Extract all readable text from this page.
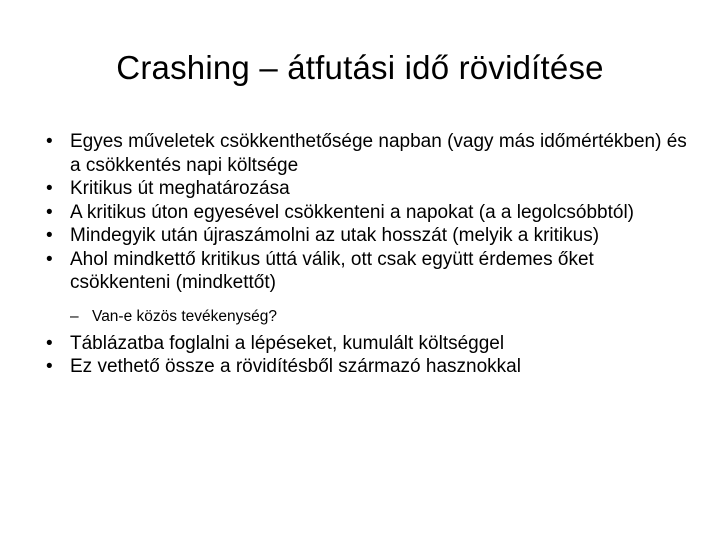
Crashing – átfutási idő rövidítése
• Egyes műveletek csökkenthetősége napban (vagy más időmértékben) és a csökkentés napi költsége
• Kritikus út meghatározása
• A kritikus úton egyesével csökkenteni a napokat (a a legolcsóbbtól)
• Mindegyik után újraszámolni az utak hosszát (melyik a kritikus)
• Ahol mindkettő kritikus úttá válik, ott csak együtt érdemes őket csökkenteni (mindkettőt)
– Van-e közös tevékenység?
• Táblázatba foglalni a lépéseket, kumulált költséggel
• Ez vethető össze a rövidítésből származó hasznokkal
